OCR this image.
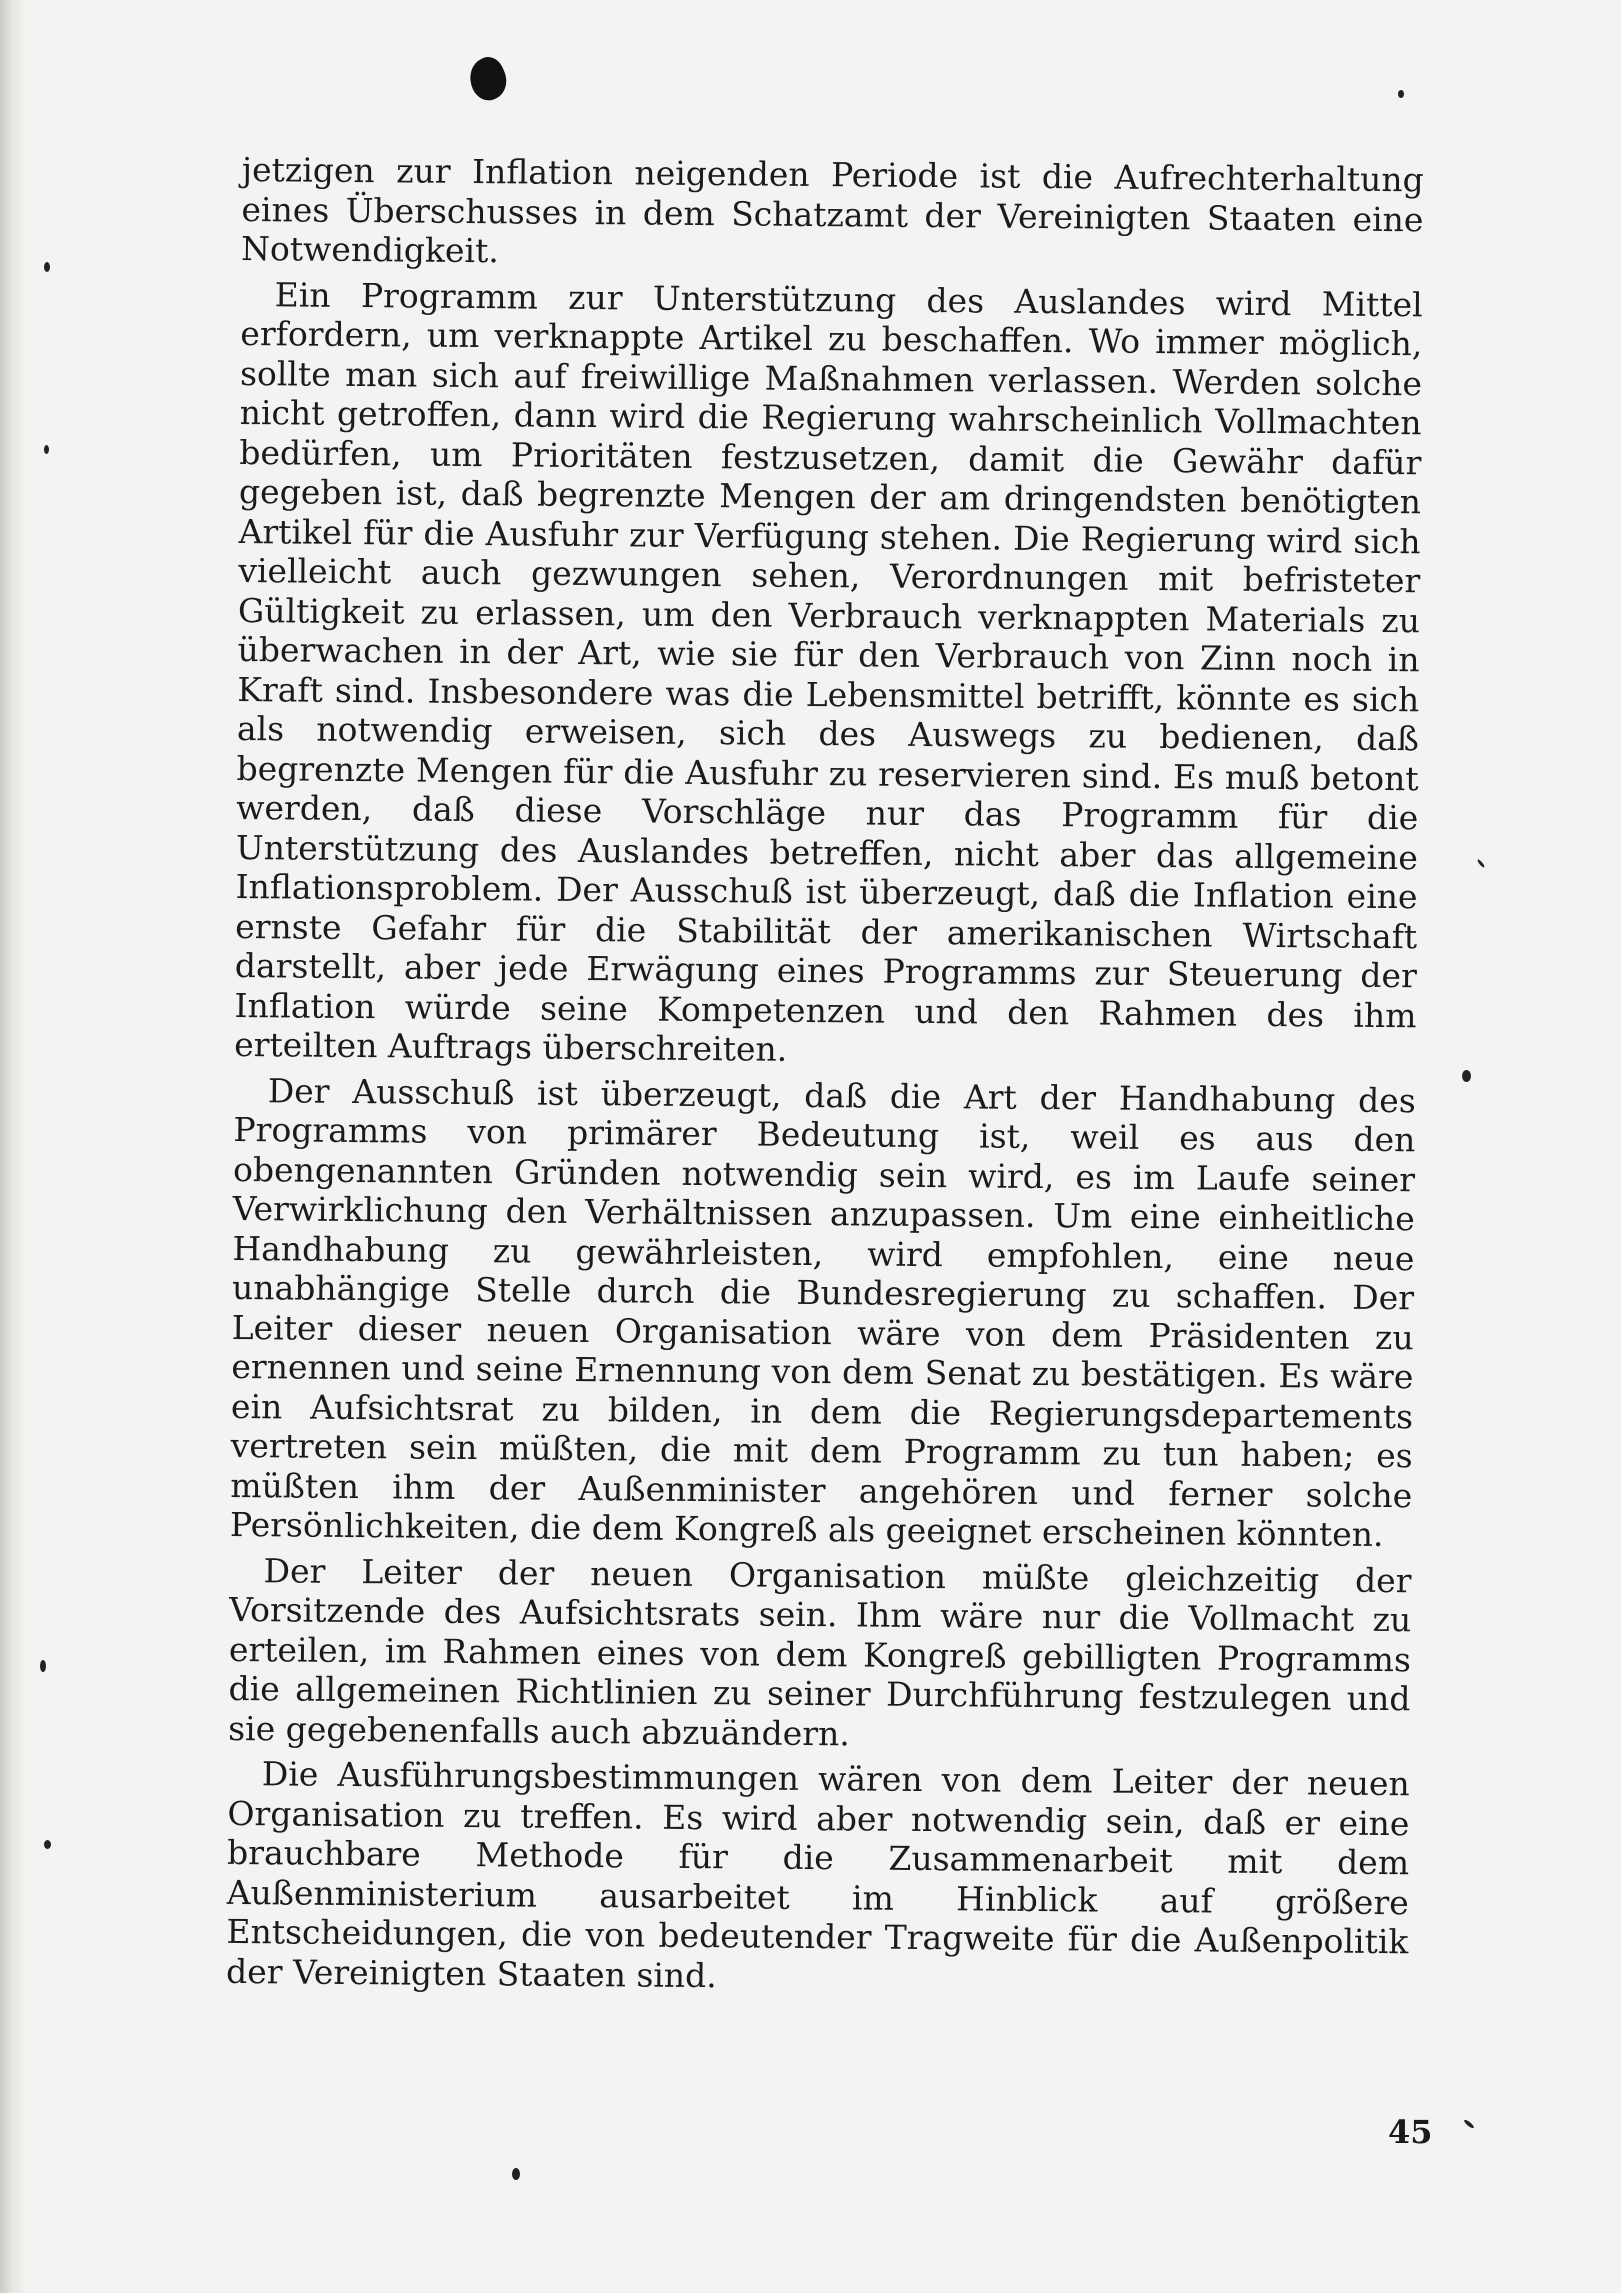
jetzigen zur Inflation neigenden Periode ist die Aufrechterhaltung eines Überschusses in dem Schatzamt der Vereinigten Staaten eine Notwendigkeit.

Ein Programm zur Unterstützung des Auslandes wird Mittel erfordern, um verknappte Artikel zu beschaffen. Wo immer möglich, sollte man sich auf freiwillige Maßnahmen verlassen. Werden solche nicht getroffen, dann wird die Regierung wahrscheinlich Vollmachten bedürfen, um Prioritäten festzusetzen, damit die Gewähr dafür gegeben ist, daß begrenzte Mengen der am dringendsten benötigten Artikel für die Ausfuhr zur Verfügung stehen. Die Regierung wird sich vielleicht auch gezwungen sehen, Verordnungen mit befristeter Gültigkeit zu erlassen, um den Verbrauch verknappten Materials zu überwachen in der Art, wie sie für den Verbrauch von Zinn noch in Kraft sind. Insbesondere was die Lebensmittel betrifft, könnte es sich als notwendig erweisen, sich des Auswegs zu bedienen, daß begrenzte Mengen für die Ausfuhr zu reservieren sind. Es muß betont werden, daß diese Vorschläge nur das Programm für die Unterstützung des Auslandes betreffen, nicht aber das allgemeine Inflationsproblem. Der Ausschuß ist überzeugt, daß die Inflation eine ernste Gefahr für die Stabilität der amerikanischen Wirtschaft darstellt, aber jede Erwägung eines Programms zur Steuerung der Inflation würde seine Kompetenzen und den Rahmen des ihm erteilten Auftrags überschreiten.

Der Ausschuß ist überzeugt, daß die Art der Handhabung des Programms von primärer Bedeutung ist, weil es aus den obengenannten Gründen notwendig sein wird, es im Laufe seiner Verwirklichung den Verhältnissen anzupassen. Um eine einheitliche Handhabung zu gewährleisten, wird empfohlen, eine neue unabhängige Stelle durch die Bundesregierung zu schaffen. Der Leiter dieser neuen Organisation wäre von dem Präsidenten zu ernennen und seine Ernennung von dem Senat zu bestätigen. Es wäre ein Aufsichtsrat zu bilden, in dem die Regierungsdepartements vertreten sein müßten, die mit dem Programm zu tun haben; es müßten ihm der Außenminister angehören und ferner solche Persönlichkeiten, die dem Kongreß als geeignet erscheinen könnten.

Der Leiter der neuen Organisation müßte gleichzeitig der Vorsitzende des Aufsichtsrats sein. Ihm wäre nur die Vollmacht zu erteilen, im Rahmen eines von dem Kongreß gebilligten Programms die allgemeinen Richtlinien zu seiner Durchführung festzulegen und sie gegebenenfalls auch abzuändern.

Die Ausführungsbestimmungen wären von dem Leiter der neuen Organisation zu treffen. Es wird aber notwendig sein, daß er eine brauchbare Methode für die Zusammenarbeit mit dem Außenministerium ausarbeitet im Hinblick auf größere Entscheidungen, die von bedeutender Tragweite für die Außenpolitik der Vereinigten Staaten sind.

45
